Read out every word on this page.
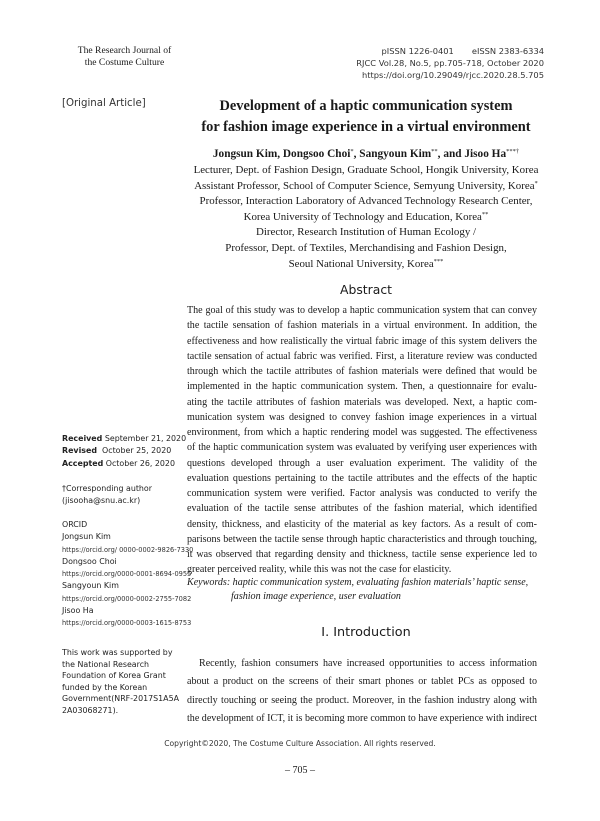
The Research Journal of
the Costume Culture
pISSN 1226-0401 eISSN 2383-6334
RJCC Vol.28, No.5, pp.705-718, October 2020
https://doi.org/10.29049/rjcc.2020.28.5.705
[Original Article]	Development of a haptic communication system
for fashion image experience in a virtual environment
Jongsun Kim, Dongsoo Choi*, Sangyoun Kim**, and Jisoo Ha***†
Lecturer, Dept. of Fashion Design, Graduate School, Hongik University, Korea
Assistant Professor, School of Computer Science, Semyung University, Korea*
Professor, Interaction Laboratory of Advanced Technology Research Center,
Korea University of Technology and Education, Korea**
Director, Research Institution of Human Ecology /
Professor, Dept. of Textiles, Merchandising and Fashion Design,
Seoul National University, Korea***
Abstract
The goal of this study was to develop a haptic communication system that can convey
the tactile sensation of fashion materials in a virtual environment. In addition, the
effectiveness and how realistically the virtual fabric image of this system delivers the
tactile sensation of actual fabric was verified. First, a literature review was conducted
through which the tactile attributes of fashion materials were defined that would be
implemented in the haptic communication system. Then, a questionnaire for evalu-
ating the tactile attributes of fashion materials was developed. Next, a haptic com-
munication system was designed to convey fashion image experiences in a virtual
environment, from which a haptic rendering model was suggested. The effectiveness
of the haptic communication system was evaluated by verifying user experiences with
questions developed through a user evaluation experiment. The validity of the
evaluation questions pertaining to the tactile attributes and the effects of the haptic
communication system were verified. Factor analysis was conducted to verify the
evaluation of the tactile sense attributes of the fashion material, which identified
density, thickness, and elasticity of the material as key factors. As a result of com-
parisons between the tactile sense through haptic characteristics and through touching,
it was observed that regarding density and thickness, tactile sense experience led to
greater perceived reality, while this was not the case for elasticity.
Keywords: haptic communication system, evaluating fashion materials’ haptic sense,
fashion image experience, user evaluation
Received September 21, 2020
Revised October 25, 2020
Accepted October 26, 2020
†Corresponding author
(jisooha@snu.ac.kr)
ORCID
Jongsun Kim
https://orcid.org/ 0000-0002-9826-7330
Dongsoo Choi
https://orcid.org/0000-0001-8694-0955
Sangyoun Kim
https://orcid.org/0000-0002-2755-7082
Jisoo Ha
https://orcid.org/0000-0003-1615-8753
This work was supported by
the National Research
Foundation of Korea Grant
funded by the Korean
Government(NRF-2017S1A5A
2A03068271).
I. Introduction
Recently, fashion consumers have increased opportunities to access information
about a product on the screens of their smart phones or tablet PCs as opposed to
directly touching or seeing the product. Moreover, in the fashion industry along with
the development of ICT, it is becoming more common to have experience with indirect
Copyright©2020, The Costume Culture Association. All rights reserved.
– 705 –
